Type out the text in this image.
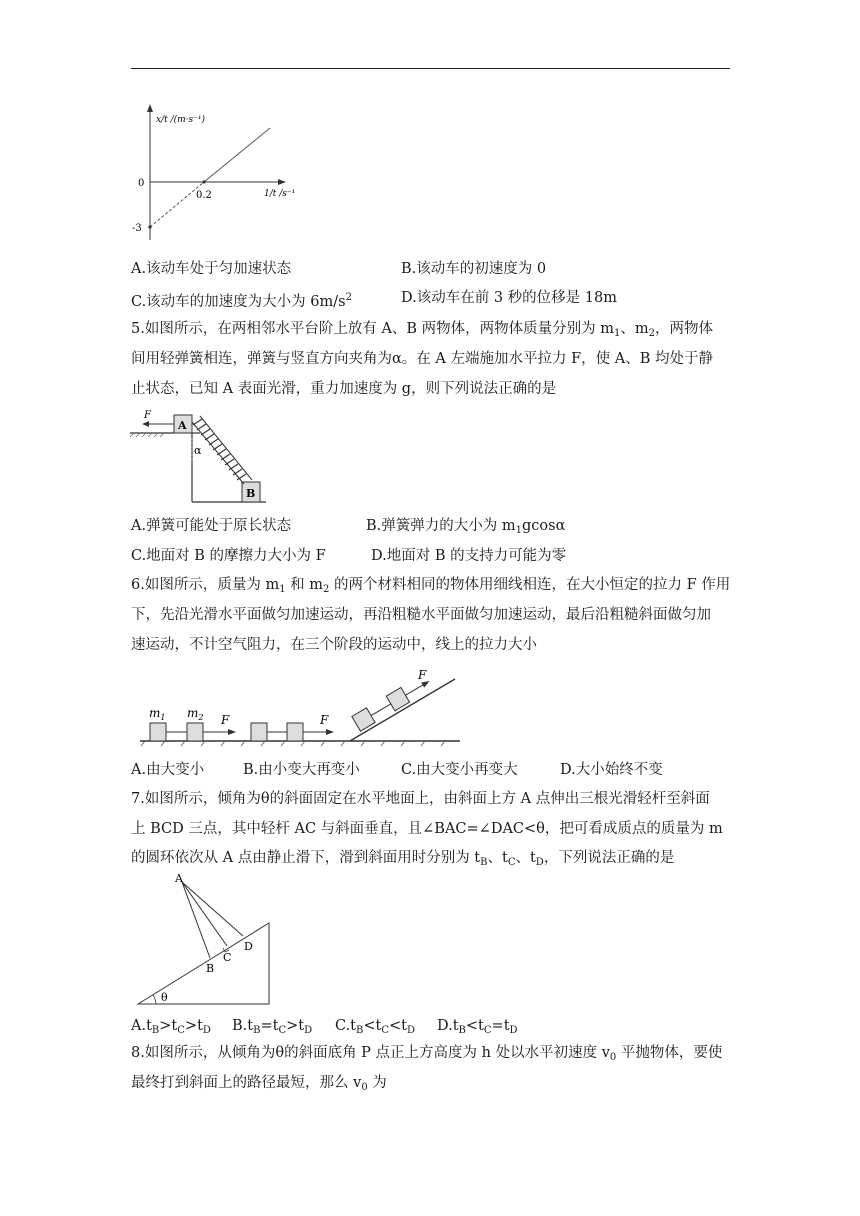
x/t /(m·s⁻¹)
1/t /s⁻¹
0
0.2
-3
A.该动车处于匀加速状态	B.该动车的初速度为 0
C.该动车的加速度为大小为 $6m/s^2$	D.该动车在前 3 秒的位移是 18m
5.如图所示，在两相邻水平台阶上放有 A、B 两物体，两物体质量分别为 $m_1$、$m_2$，两物体
间用轻弹簧相连，弹簧与竖直方向夹角为α。在 A 左端施加水平拉力 F，使 A、B 均处于静
止状态，已知 A 表面光滑，重力加速度为 g，则下列说法正确的是
A
F
B
α
A.弹簧可能处于原长状态	B.弹簧弹力的大小为 $m_1gcos\alpha$
C.地面对 B 的摩擦力大小为 F	D.地面对 B 的支持力可能为零
6.如图所示，质量为 $m_1$ 和 $m_2$ 的两个材料相同的物体用细线相连，在大小恒定的拉力 F 作用
下，先沿光滑水平面做匀加速运动，再沿粗糙水平面做匀加速运动，最后沿粗糙斜面做匀加
速运动，不计空气阻力，在三个阶段的运动中，线上的拉力大小
$m_1$ $m_2$ F	F
F
A.由大变小	B.由小变大再变小	C.由大变小再变大	D.大小始终不变
7.如图所示，倾角为θ的斜面固定在水平地面上，由斜面上方 A 点伸出三根光滑轻杆至斜面
上 BCD 三点，其中轻杆 AC 与斜面垂直，且∠BAC=∠DAC<θ，把可看成质点的质量为 m
的圆环依次从 A 点由静止滑下，滑到斜面用时分别为 $t_B$、$t_C$、$t_D$，下列说法正确的是
A
B
C
D
θ
$A.t_B>t_C>t_D$ $B.t_B=t_C>t_D$ $C.t_B<t_C<t_D$ $D.t_B<t_C=t_D$
8.如图所示，从倾角为θ的斜面底角 P 点正上方高度为 h 处以水平初速度 $v_0$ 平抛物体，要使
最终打到斜面上的路径最短，那么 $v_0$ 为
